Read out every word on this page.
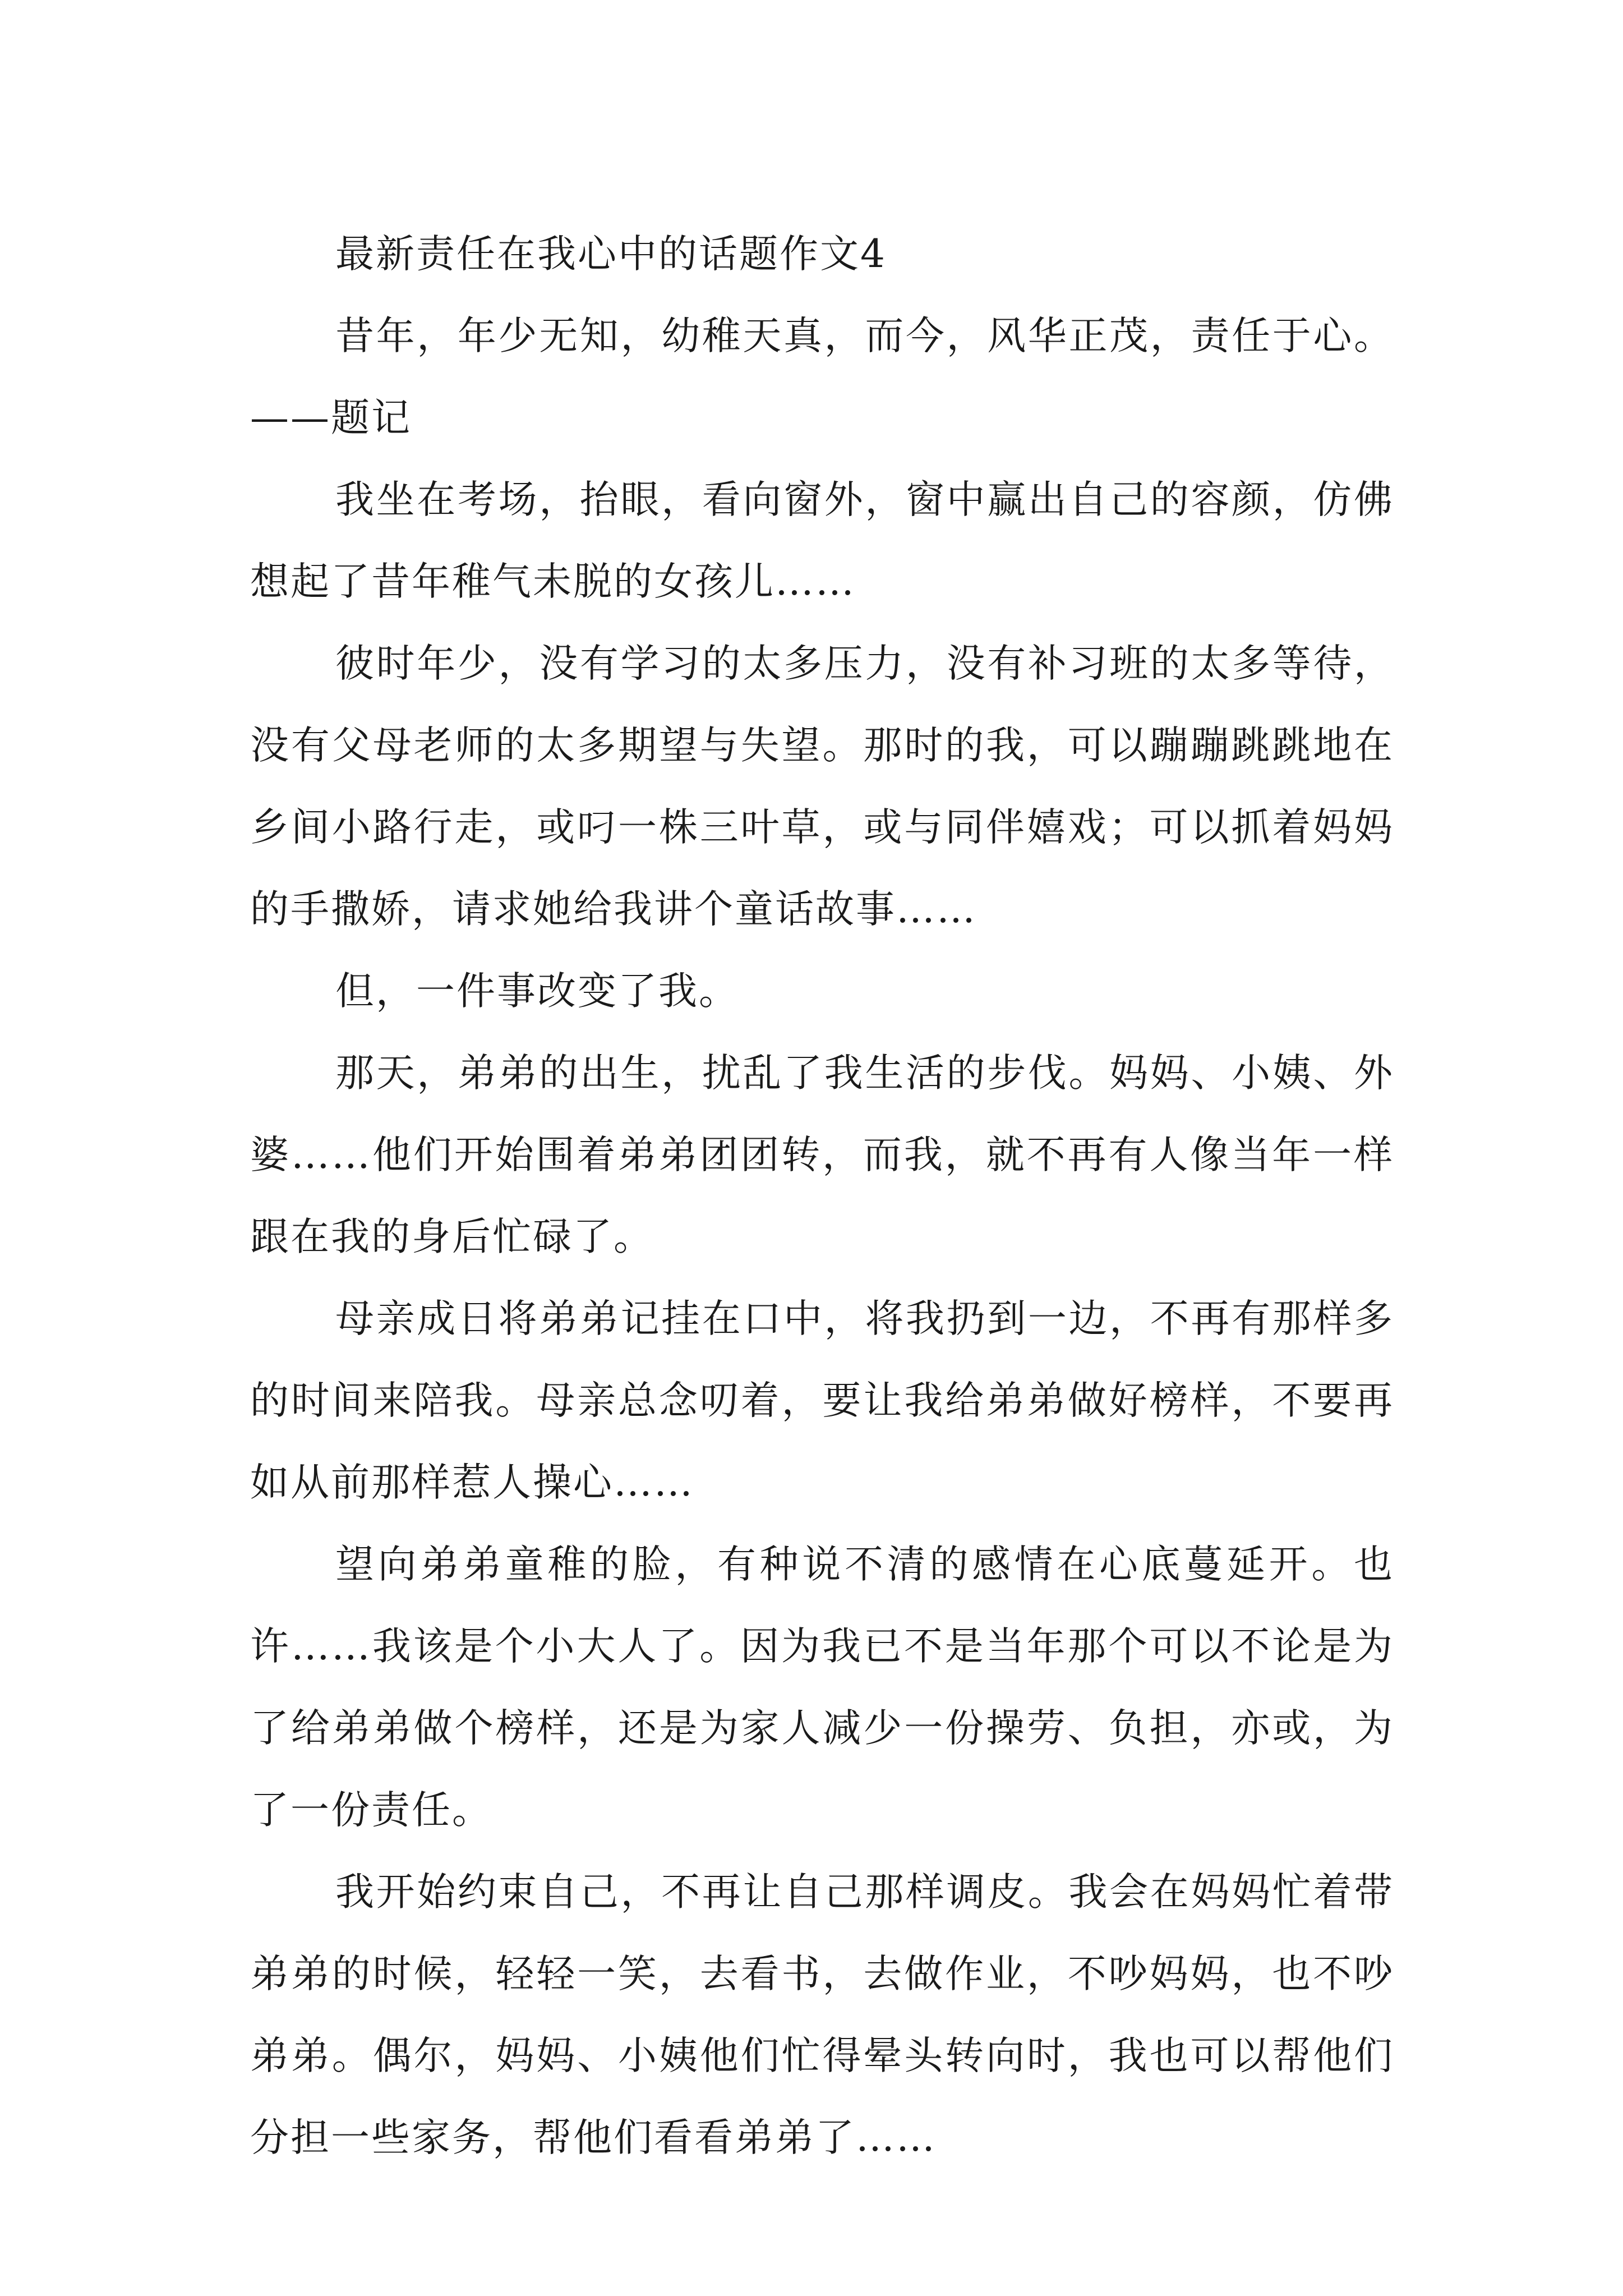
最新责任在我心中的话题作文4

昔年，年少无知，幼稚天真，而今，风华正茂，责任于心。——题记

我坐在考场，抬眼，看向窗外，窗中赢出自己的容颜，仿佛想起了昔年稚气未脱的女孩儿……

彼时年少，没有学习的太多压力，没有补习班的太多等待，没有父母老师的太多期望与失望。那时的我，可以蹦蹦跳跳地在乡间小路行走，或叼一株三叶草，或与同伴嬉戏；可以抓着妈妈的手撒娇，请求她给我讲个童话故事……

但，一件事改变了我。

那天，弟弟的出生，扰乱了我生活的步伐。妈妈、小姨、外婆……他们开始围着弟弟团团转，而我，就不再有人像当年一样跟在我的身后忙碌了。

母亲成日将弟弟记挂在口中，将我扔到一边，不再有那样多的时间来陪我。母亲总念叨着，要让我给弟弟做好榜样，不要再如从前那样惹人操心……

望向弟弟童稚的脸，有种说不清的感情在心底蔓延开。也许……我该是个小大人了。因为我已不是当年那个可以不论是为了给弟弟做个榜样，还是为家人减少一份操劳、负担，亦或，为了一份责任。

我开始约束自己，不再让自己那样调皮。我会在妈妈忙着带弟弟的时候，轻轻一笑，去看书，去做作业，不吵妈妈，也不吵弟弟。偶尔，妈妈、小姨他们忙得晕头转向时，我也可以帮他们分担一些家务，帮他们看看弟弟了……
